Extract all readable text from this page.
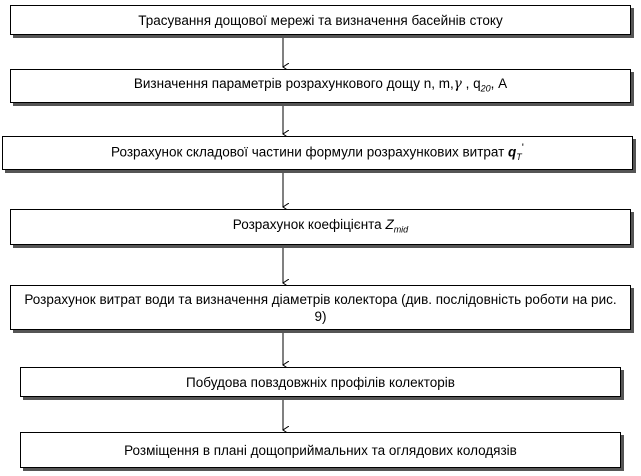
Трасування дощової мережі та визначення басейнів стоку
Визначення параметрів розрахункового дощу n, m,γ , $q_{20}$, А
Розрахунок складової частини формули розрахункових витрат $q_T'$
Розрахунок коефіцієнта $Z_{mid}$
Розрахунок витрат води та визначення діаметрів колектора (див. послідовність роботи на рис. 9)
Побудова повздовжніх профілів колекторів
Розміщення в плані дощоприймальних та оглядових колодязів
